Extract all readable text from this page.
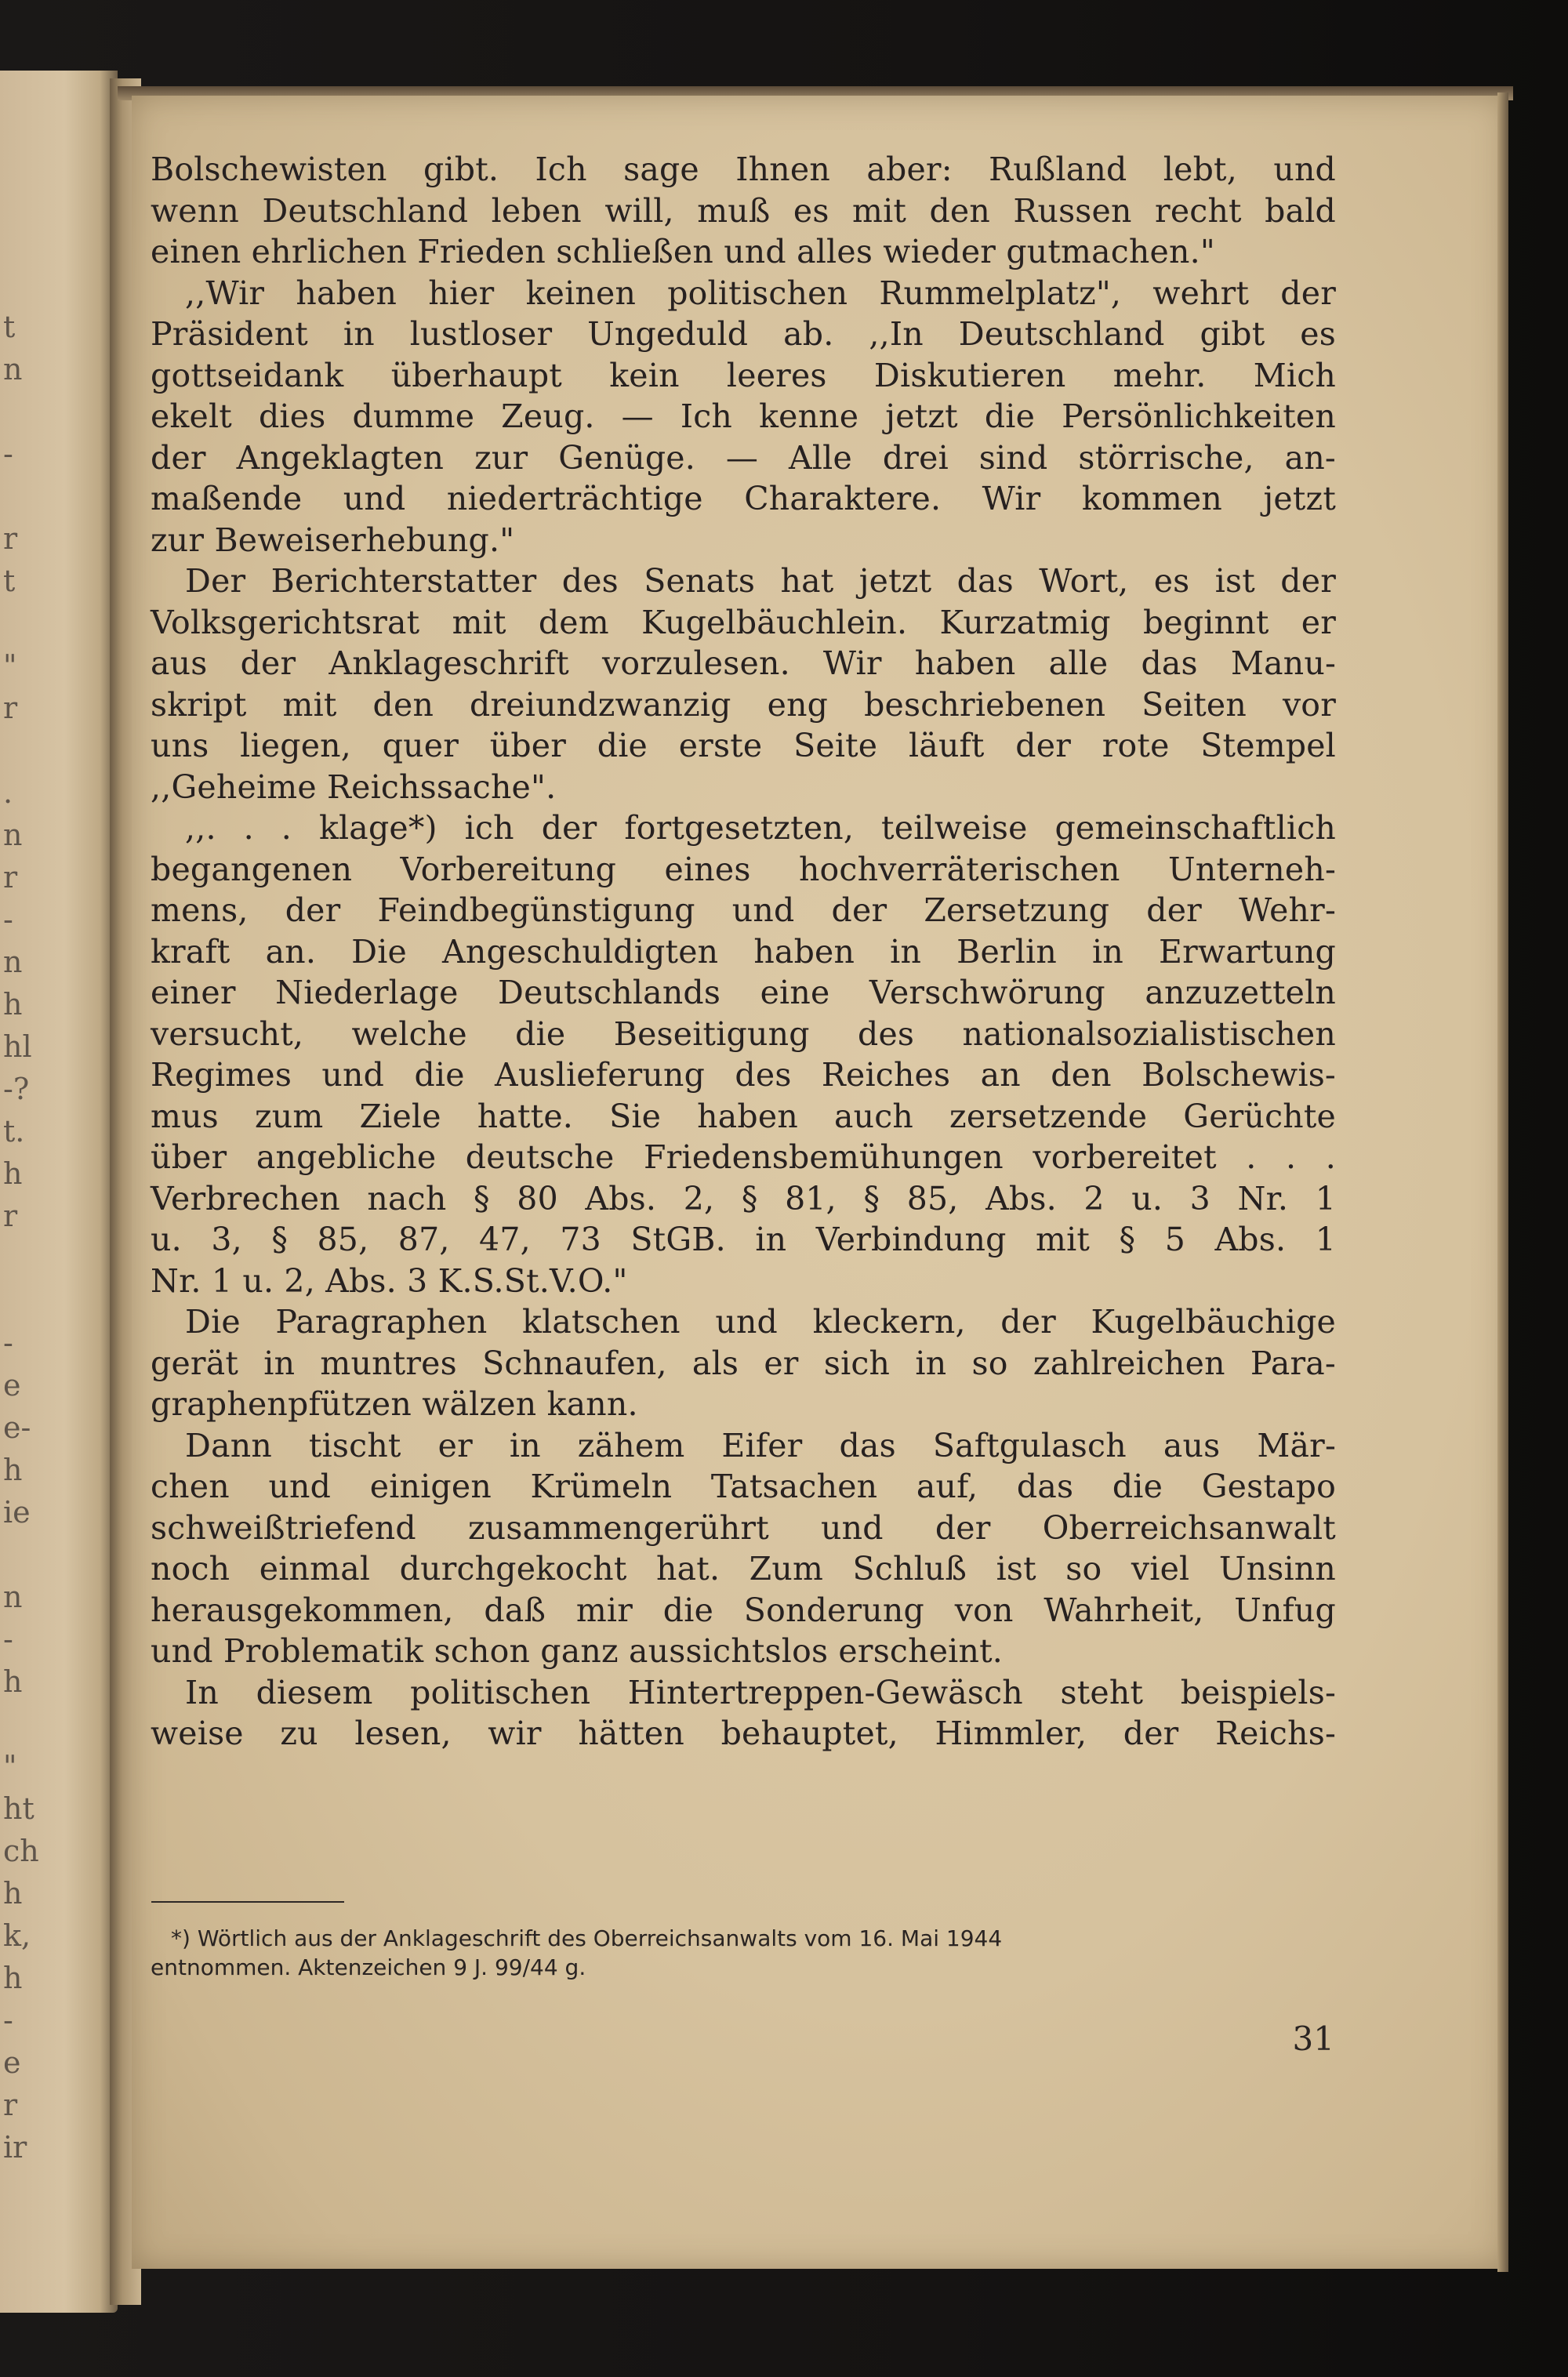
t
n

-

r
t

"
r

.
n
r
-
n
h
hl
-?
t.
h
r

-
e
e-
h
ie

n
-
h

"
ht
ch
h
k,
h
-
e
r
ir
Bolschewisten gibt. Ich sage Ihnen aber: Rußland lebt, und
wenn Deutschland leben will, muß es mit den Russen recht bald
einen ehrlichen Frieden schließen und alles wieder gutmachen."
,,Wir haben hier keinen politischen Rummelplatz", wehrt der
Präsident in lustloser Ungeduld ab. ,,In Deutschland gibt es
gottseidank überhaupt kein leeres Diskutieren mehr. Mich
ekelt dies dumme Zeug. — Ich kenne jetzt die Persönlichkeiten
der Angeklagten zur Genüge. — Alle drei sind störrische, an-
maßende und niederträchtige Charaktere. Wir kommen jetzt
zur Beweiserhebung."
Der Berichterstatter des Senats hat jetzt das Wort, es ist der
Volksgerichtsrat mit dem Kugelbäuchlein. Kurzatmig beginnt er
aus der Anklageschrift vorzulesen. Wir haben alle das Manu-
skript mit den dreiundzwanzig eng beschriebenen Seiten vor
uns liegen, quer über die erste Seite läuft der rote Stempel
,,Geheime Reichssache".
,,. . . klage*) ich der fortgesetzten, teilweise gemeinschaftlich
begangenen Vorbereitung eines hochverräterischen Unterneh-
mens, der Feindbegünstigung und der Zersetzung der Wehr-
kraft an. Die Angeschuldigten haben in Berlin in Erwartung
einer Niederlage Deutschlands eine Verschwörung anzuzetteln
versucht, welche die Beseitigung des nationalsozialistischen
Regimes und die Auslieferung des Reiches an den Bolschewis-
mus zum Ziele hatte. Sie haben auch zersetzende Gerüchte
über angebliche deutsche Friedensbemühungen vorbereitet . . .
Verbrechen nach § 80 Abs. 2, § 81, § 85, Abs. 2 u. 3 Nr. 1
u. 3, § 85, 87, 47, 73 StGB. in Verbindung mit § 5 Abs. 1
Nr. 1 u. 2, Abs. 3 K.S.St.V.O."
Die Paragraphen klatschen und kleckern, der Kugelbäuchige
gerät in muntres Schnaufen, als er sich in so zahlreichen Para-
graphenpfützen wälzen kann.
Dann tischt er in zähem Eifer das Saftgulasch aus Mär-
chen und einigen Krümeln Tatsachen auf, das die Gestapo
schweißtriefend zusammengerührt und der Oberreichsanwalt
noch einmal durchgekocht hat. Zum Schluß ist so viel Unsinn
herausgekommen, daß mir die Sonderung von Wahrheit, Unfug
und Problematik schon ganz aussichtslos erscheint.
In diesem politischen Hintertreppen-Gewäsch steht beispiels-
weise zu lesen, wir hätten behauptet, Himmler, der Reichs-
*) Wörtlich aus der Anklageschrift des Oberreichsanwalts vom 16. Mai 1944
entnommen. Aktenzeichen 9 J. 99/44 g.
31
